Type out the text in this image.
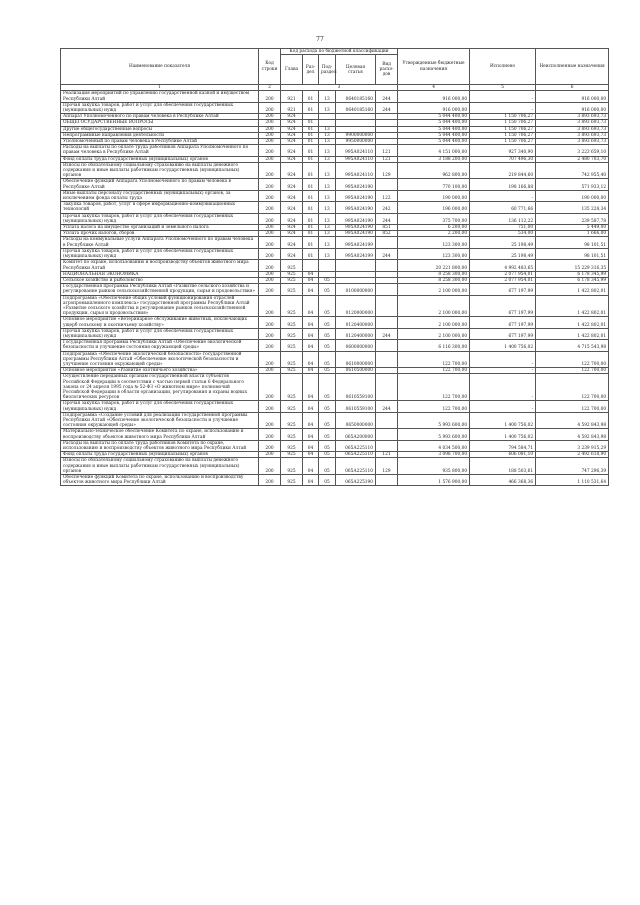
77
Наименование показателя	Код строки	Код расхода по бюджетной классификации					Утвержденные бюджетные назначения	Исполнено	Неисполненные назначения
		Глава	Раз-дел	Под-раздел	Целевая статья	Вид расхо-дов			
1	2	3					4	5	6
Реализация мероприятий по управлению государственной казной и имуществом Республики Алтай	200	921	01	13	0640185160	244	916 000,00	-	916 000,00
Прочая закупка товаров, работ и услуг для обеспечения государственных (муниципальных) нужд	200	921	01	13	0640185160	244	916 000,00	-	916 000,00
Аппарат Уполномоченного по правам человека в Республике Алтай	200	924					5 044 400,00	1 150 706,27	3 893 693,73
ОБЩЕГОСУДАРСТВЕННЫЕ ВОПРОСЫ	200	924	01				5 044 400,00	1 150 706,27	3 893 693,73
Другие общегосударственные вопросы	200	924	01	13			5 044 400,00	1 150 706,27	3 893 693,73
Непрограммные направления деятельности	200	924	01	13	9900000000		5 044 400,00	1 150 706,27	3 893 693,73
Уполномоченный по правам человека в Республике Алтай	200	924	01	13	9950000000		5 044 400,00	1 150 706,27	3 893 693,73
Расходы на выплаты по оплате труда работников Аппарата Уполномоченного по правам человека в Республике Алтай	200	924	01	13	995А024110	121	4 151 000,00	927 340,90	3 223 659,10
Фонд оплаты труда государственных (муниципальных) органов	200	924	01	13	995А024110	121	3 188 200,00	707 496,30	2 480 703,70
Взносы по обязательному социальному страхованию на выплаты денежного содержания и иные выплаты работникам государственных (муниципальных) органов	200	924	01	13	995А024110	129	962 800,00	219 844,60	742 955,40
Обеспечение функций Аппарата Уполномоченного по правам человека в Республике Алтай	200	924	01	13	995А024190		770 100,00	198 166,88	571 933,12
Иные выплаты персоналу государственных (муниципальных) органов, за исключением фонда оплаты труда	200	924	01	13	995А024190	122	190 000,00	-	190 000,00
Закупка товаров, работ, услуг в сфере информационно-коммуникационных технологий	200	924	01	13	995А024190	242	196 000,00	60 771,66	135 228,34
Прочая закупка товаров, работ и услуг для обеспечения государственных (муниципальных) нужд	200	924	01	13	995А024190	244	375 700,00	136 112,22	239 587,78
Уплата налога на имущество организаций и земельного налога	200	924	01	13	995А024190	851	6 200,00	751,00	5 449,00
Уплата прочих налогов, сборов	200	924	01	13	995А024190	852	2 200,00	534,00	1 666,00
Расходы на коммунальные услуги Аппарата Уполномоченного по правам человека в Республике Алтай	200	924	01	13	995А024199		123 300,00	25 198,49	98 101,51
Прочая закупка товаров, работ и услуг для обеспечения государственных (муниципальных) нужд	200	924	01	13	995А024199	244	123 300,00	25 198,49	98 101,51
Комитет по охране, использованию и воспроизводству объектов животного мира Республики Алтай	200	925					20 221 800,00	4 992 483,65	15 229 316,35
НАЦИОНАЛЬНАЯ ЭКОНОМИКА	200	925	04				8 258 300,00	2 077 954,01	6 178 345,99
Сельское хозяйство и рыболовство	200	925	04	05			8 258 300,00	2 077 954,01	6 178 345,99
Государственная программа Республики Алтай «Развитие сельского хозяйства и регулирование рынков сельскохозяйственной продукции, сырья и продовольствия»	200	925	04	05	0100000000		2 100 000,00	677 197,99	1 422 802,01
Подпрограмма «Обеспечение общих условий функционирования отраслей агропромышленного комплекса» государственной программы Республики Алтай «Развитие сельского хозяйства и регулирование рынков сельскохозяйственной продукции, сырья и продовольствия»	200	925	04	05	0120000000		2 100 000,00	677 197,99	1 422 802,01
Основное мероприятие «Ветеринарное обслуживание животных, исключающих ущерб сельскому и охотничьему хозяйству»	200	925	04	05	0120400000		2 100 000,00	677 197,99	1 422 802,01
Прочая закупка товаров, работ и услуг для обеспечения государственных (муниципальных) нужд	200	925	04	05	0120400000	244	2 100 000,00	677 197,99	1 422 802,01
Государственная программа Республики Алтай «Обеспечение экологической безопасности и улучшение состояния окружающей среды»	200	925	04	05	0600000000		6 116 300,00	1 400 756,02	4 715 543,98
Подпрограмма «Обеспечение экологической безопасности» государственной программы Республики Алтай «Обеспечение экологической безопасности и улучшение состояния окружающей среды»	200	925	04	05	0610000000		122 700,00	-	122 700,00
Основное мероприятие «Развитие охотничьего хозяйства»	200	925	04	05	0610500000		122 700,00	-	122 700,00
Осуществление переданных органам государственной власти субъектов Российской Федерации в соответствии с частью первой статьи 6 Федерального закона от 24 апреля 1995 года № 52-ФЗ «О животном мире» полномочий Российской Федерации в области организации, регулирования и охраны водных биологических ресурсов	200	925	04	05	0610559100		122 700,00	-	122 700,00
Прочая закупка товаров, работ и услуг для обеспечения государственных (муниципальных) нужд	200	925	04	05	0610559100	244	122 700,00	-	122 700,00
Подпрограмма «Создание условий для реализации государственной программы Республики Алтай «Обеспечение экологической безопасности и улучшение состояния окружающей среды»	200	925	04	05	0650000000		5 993 600,00	1 400 756,02	4 592 843,98
Материально-техническое обеспечение Комитета по охране, использованию и воспроизводству объектов животного мира Республики Алтай	200	925	04	05	065А200000		5 993 600,00	1 400 756,02	4 592 843,98
Расходы на выплаты по оплате труда работников Комитета по охране, использованию и воспроизводству объектов животного мира Республики Алтай	200	925	04	05	065А225110		4 034 500,00	794 584,71	3 239 915,29
Фонд оплаты труда государственных (муниципальных) органов	200	925	04	05	065А225110	121	3 098 700,00	606 081,10	2 492 618,90
Взносы по обязательному социальному страхованию на выплаты денежного содержания и иные выплаты работникам государственных (муниципальных) органов	200	925	04	05	065А225110	129	935 800,00	188 503,61	747 296,39
Обеспечение функций Комитета по охране, использованию и воспроизводству объектов животного мира Республики Алтай	200	925	04	05	065А225190		1 576 900,00	466 368,36	1 110 531,64
